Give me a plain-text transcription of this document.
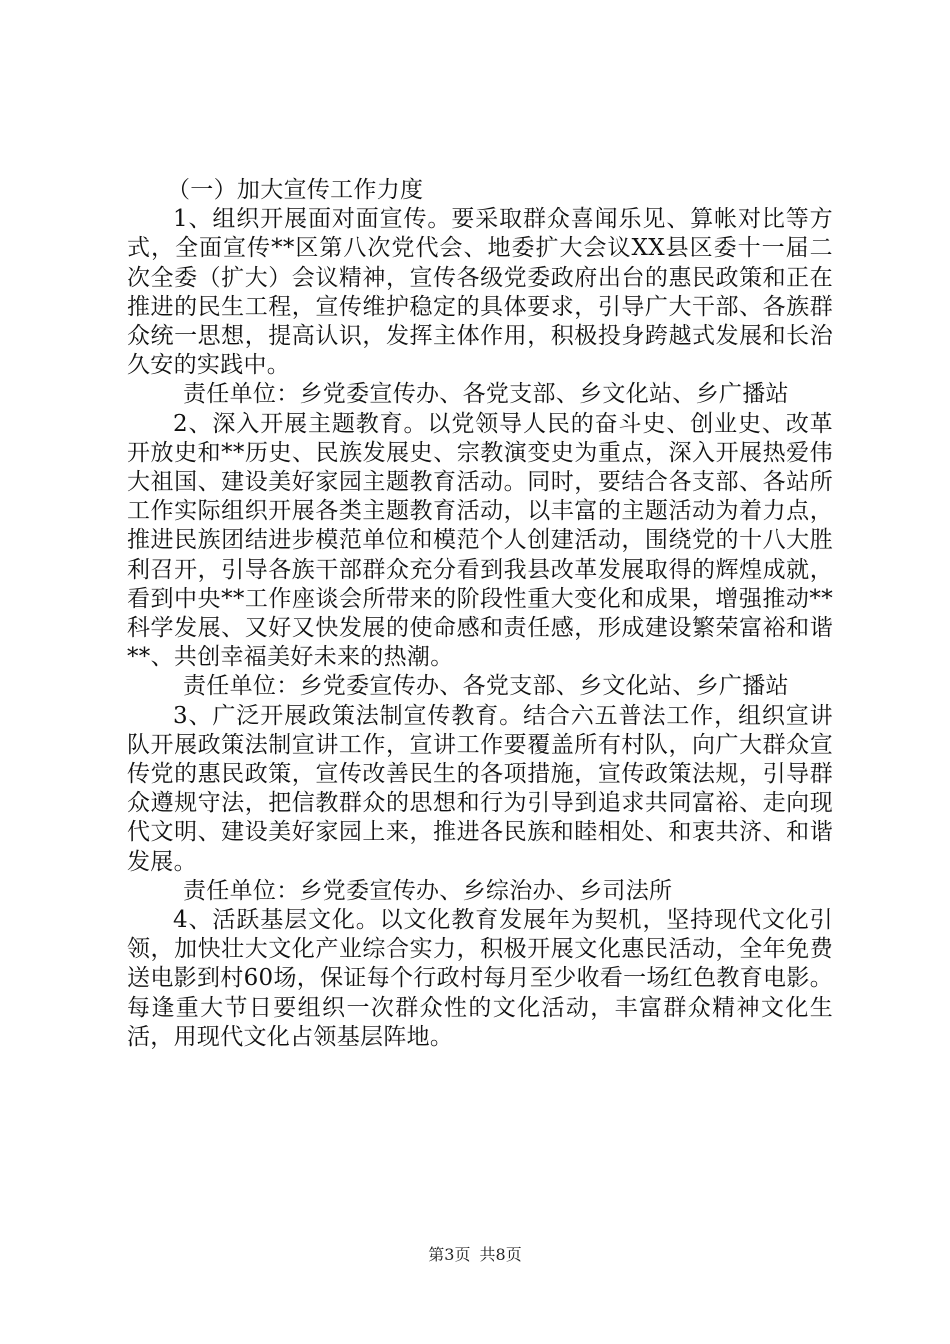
（一）加大宣传工作力度

1、组织开展面对面宣传。要采取群众喜闻乐见、算帐对比等方式，全面宣传**区第八次党代会、地委扩大会议XX县区委十一届二次全委（扩大）会议精神，宣传各级党委政府出台的惠民政策和正在推进的民生工程，宣传维护稳定的具体要求，引导广大干部、各族群众统一思想，提高认识，发挥主体作用，积极投身跨越式发展和长治久安的实践中。

责任单位：乡党委宣传办、各党支部、乡文化站、乡广播站

2、深入开展主题教育。以党领导人民的奋斗史、创业史、改革开放史和**历史、民族发展史、宗教演变史为重点，深入开展热爱伟大祖国、建设美好家园主题教育活动。同时，要结合各支部、各站所工作实际组织开展各类主题教育活动，以丰富的主题活动为着力点，推进民族团结进步模范单位和模范个人创建活动，围绕党的十八大胜利召开，引导各族干部群众充分看到我县改革发展取得的辉煌成就，看到中央**工作座谈会所带来的阶段性重大变化和成果，增强推动**科学发展、又好又快发展的使命感和责任感，形成建设繁荣富裕和谐**、共创幸福美好未来的热潮。

责任单位：乡党委宣传办、各党支部、乡文化站、乡广播站

3、广泛开展政策法制宣传教育。结合六五普法工作，组织宣讲队开展政策法制宣讲工作，宣讲工作要覆盖所有村队，向广大群众宣传党的惠民政策，宣传改善民生的各项措施，宣传政策法规，引导群众遵规守法，把信教群众的思想和行为引导到追求共同富裕、走向现代文明、建设美好家园上来，推进各民族和睦相处、和衷共济、和谐发展。

责任单位：乡党委宣传办、乡综治办、乡司法所

4、活跃基层文化。以文化教育发展年为契机，坚持现代文化引领，加快壮大文化产业综合实力，积极开展文化惠民活动，全年免费送电影到村60场，保证每个行政村每月至少收看一场红色教育电影。每逢重大节日要组织一次群众性的文化活动，丰富群众精神文化生活，用现代文化占领基层阵地。

第3页 共8页
